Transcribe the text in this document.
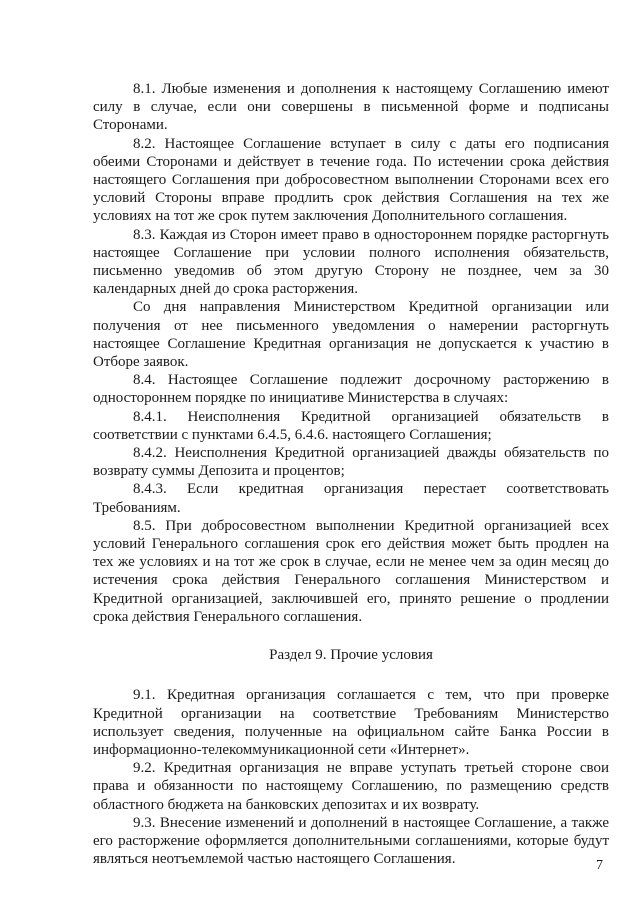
8.1. Любые изменения и дополнения к настоящему Соглашению имеют силу в случае, если они совершены в письменной форме и подписаны Сторонами.

8.2. Настоящее Соглашение вступает в силу с даты его подписания обеими Сторонами и действует в течение года. По истечении срока действия настоящего Соглашения при добросовестном выполнении Сторонами всех его условий Стороны вправе продлить срок действия Соглашения на тех же условиях на тот же срок путем заключения Дополнительного соглашения.

8.3. Каждая из Сторон имеет право в одностороннем порядке расторгнуть настоящее Соглашение при условии полного исполнения обязательств, письменно уведомив об этом другую Сторону не позднее, чем за 30 календарных дней до срока расторжения.

Со дня направления Министерством Кредитной организации или получения от нее письменного уведомления о намерении расторгнуть настоящее Соглашение Кредитная организация не допускается к участию в Отборе заявок.

8.4. Настоящее Соглашение подлежит досрочному расторжению в одностороннем порядке по инициативе Министерства в случаях:

8.4.1. Неисполнения Кредитной организацией обязательств в соответствии с пунктами 6.4.5, 6.4.6. настоящего Соглашения;

8.4.2. Неисполнения Кредитной организацией дважды обязательств по возврату суммы Депозита и процентов;

8.4.3. Если кредитная организация перестает соответствовать Требованиям.

8.5. При добросовестном выполнении Кредитной организацией всех условий Генерального соглашения срок его действия может быть продлен на тех же условиях и на тот же срок в случае, если не менее чем за один месяц до истечения срока действия Генерального соглашения Министерством и Кредитной организацией, заключившей его, принято решение о продлении срока действия Генерального соглашения.

Раздел 9. Прочие условия

9.1. Кредитная организация соглашается с тем, что при проверке Кредитной организации на соответствие Требованиям Министерство использует сведения, полученные на официальном сайте Банка России в информационно-телекоммуникационной сети «Интернет».

9.2. Кредитная организация не вправе уступать третьей стороне свои права и обязанности по настоящему Соглашению, по размещению средств областного бюджета на банковских депозитах и их возврату.

9.3. Внесение изменений и дополнений в настоящее Соглашение, а также его расторжение оформляется дополнительными соглашениями, которые будут являться неотъемлемой частью настоящего Соглашения.	7
